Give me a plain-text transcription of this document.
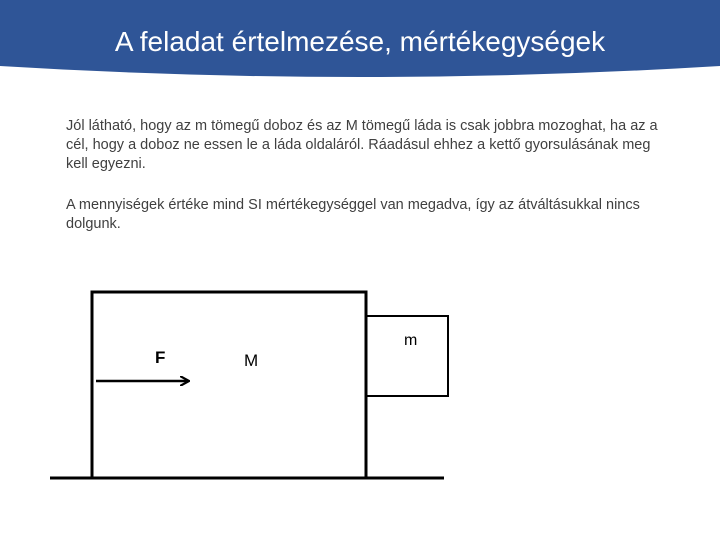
A feladat értelmezése, mértékegységek
Jól látható, hogy az m tömegű doboz és az M tömegű láda is csak jobbra mozoghat, ha az a cél, hogy a doboz ne essen le a láda oldaláról. Ráadásul ehhez a kettő gyorsulásának meg kell egyezni.
A mennyiségek értéke mind SI mértékegységgel van megadva, így az átváltásukkal nincs dolgunk.
m
M
F
